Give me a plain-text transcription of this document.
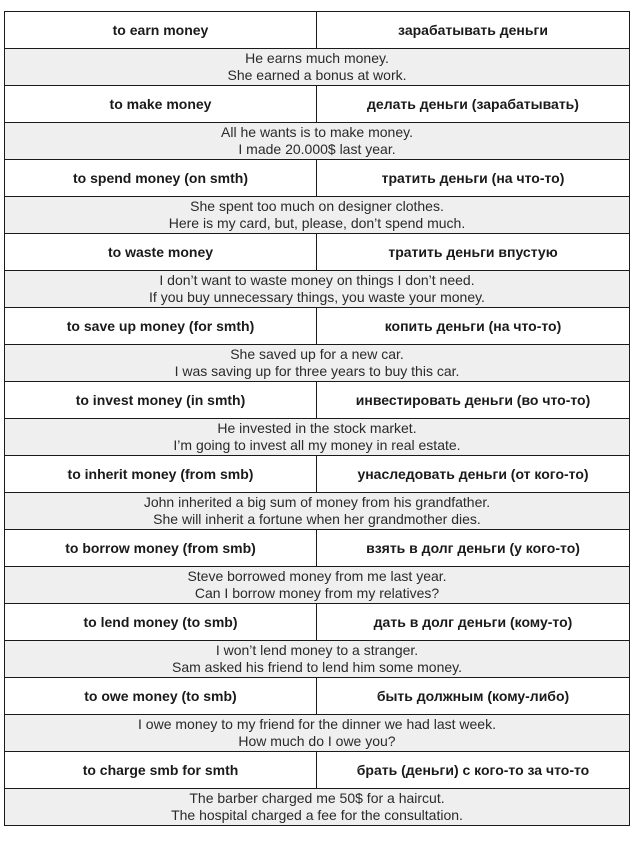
to earn money	зарабатывать деньги

He earns much money.
She earned a bonus at work.	

to make money	делать деньги (зарабатывать)

All he wants is to make money.
I made 20.000$ last year.	

to spend money (on smth)	тратить деньги (на что-то)

She spent too much on designer clothes.
Here is my card, but, please, don’t spend much.	

to waste money	тратить деньги впустую

I don’t want to waste money on things I don’t need.
If you buy unnecessary things, you waste your money.	

to save up money (for smth)	копить деньги (на что-то)

She saved up for a new car.
I was saving up for three years to buy this car.	

to invest money (in smth)	инвестировать деньги (во что-то)

He invested in the stock market.
I’m going to invest all my money in real estate.	

to inherit money (from smb)	унаследовать деньги (от кого-то)

John inherited a big sum of money from his grandfather.
She will inherit a fortune when her grandmother dies.	

to borrow money (from smb)	взять в долг деньги (у кого-то)

Steve borrowed money from me last year.
Can I borrow money from my relatives?	

to lend money (to smb)	дать в долг деньги (кому-то)

I won’t lend money to a stranger.
Sam asked his friend to lend him some money.	

to owe money (to smb)	быть должным (кому-либо)

I owe money to my friend for the dinner we had last week.
How much do I owe you?	

to charge smb for smth	брать (деньги) с кого-то за что-то

The barber charged me 50$ for a haircut.
The hospital charged a fee for the consultation.	
